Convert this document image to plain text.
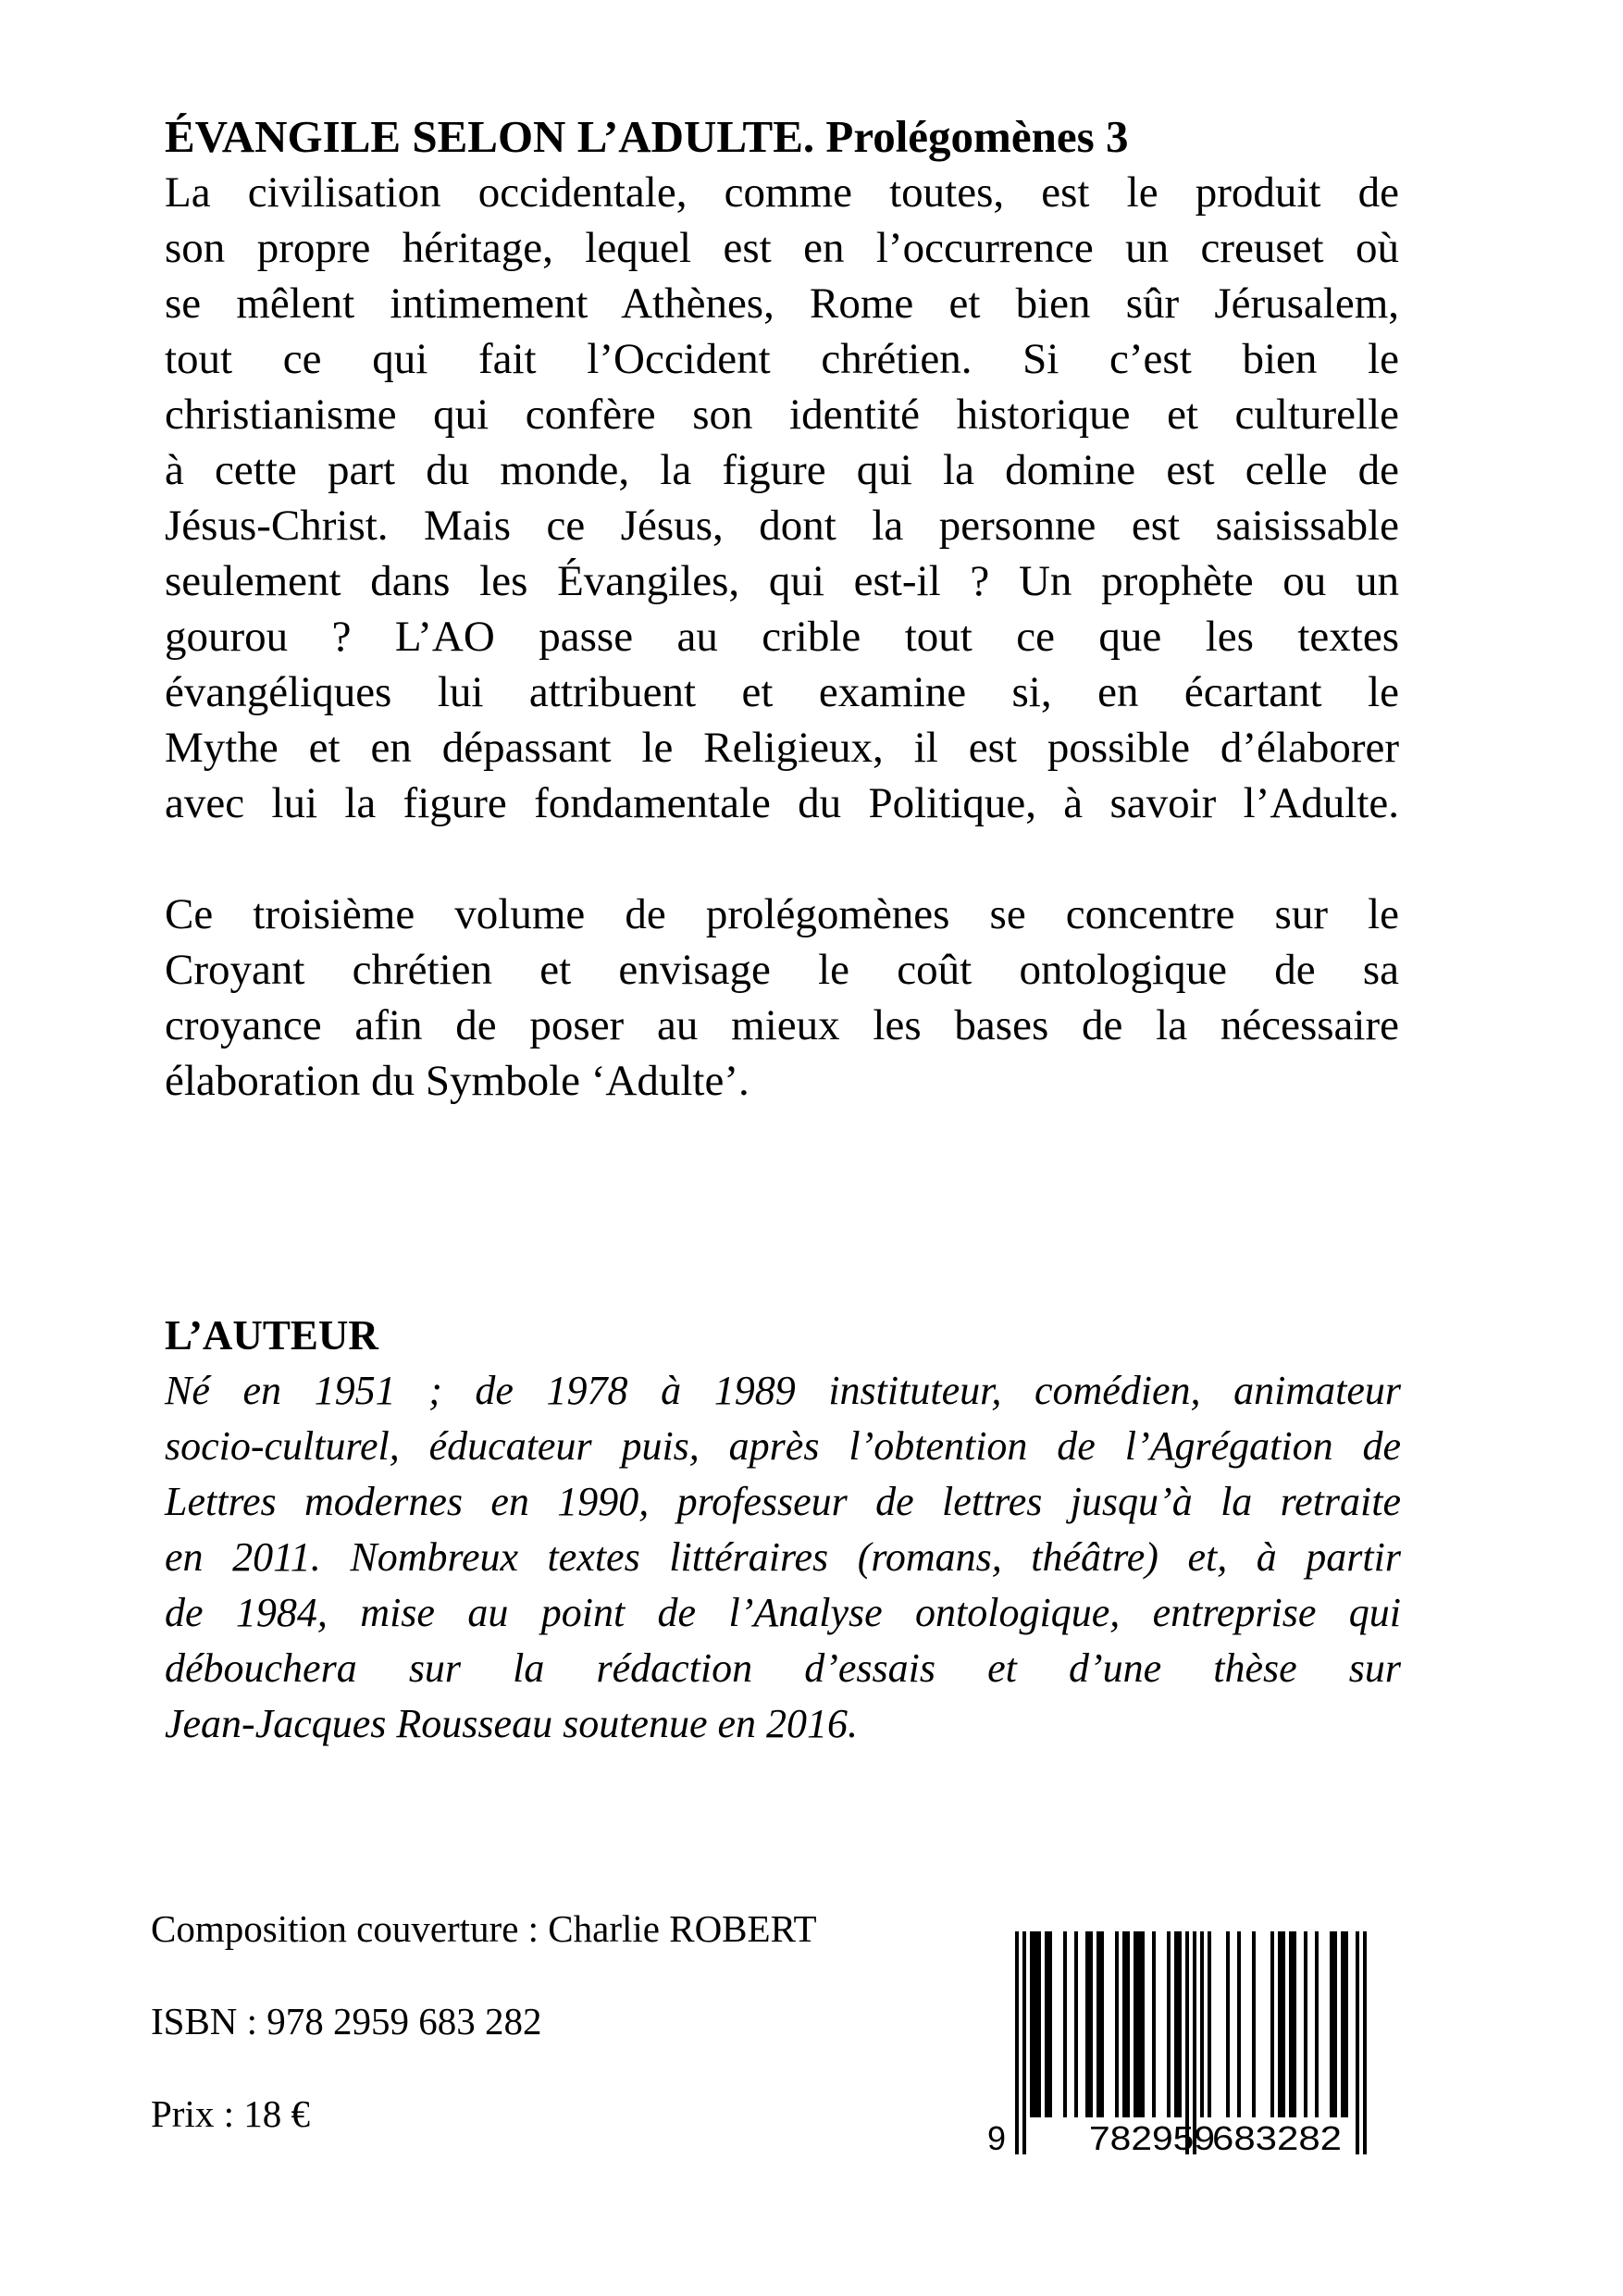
ÉVANGILE SELON L’ADULTE. Prolégomènes 3
La civilisation occidentale, comme toutes, est le produit de
son propre héritage, lequel est en l’occurrence un creuset où
se mêlent intimement Athènes, Rome et bien sûr Jérusalem,
tout ce qui fait l’Occident chrétien. Si c’est bien le
christianisme qui confère son identité historique et culturelle
à cette part du monde, la figure qui la domine est celle de
Jésus-Christ. Mais ce Jésus, dont la personne est saisissable
seulement dans les Évangiles, qui est-il ? Un prophète ou un
gourou ? L’AO passe au crible tout ce que les textes
évangéliques lui attribuent et examine si, en écartant le
Mythe et en dépassant le Religieux, il est possible d’élaborer
avec lui la figure fondamentale du Politique, à savoir l’Adulte.
Ce troisième volume de prolégomènes se concentre sur le
Croyant chrétien et envisage le coût ontologique de sa
croyance afin de poser au mieux les bases de la nécessaire
élaboration du Symbole ‘Adulte’.
L’AUTEUR
Né en 1951 ; de 1978 à 1989 instituteur, comédien, animateur
socio-culturel, éducateur puis, après l’obtention de l’Agrégation de
Lettres modernes en 1990, professeur de lettres jusqu’à la retraite
en 2011. Nombreux textes littéraires (romans, théâtre) et, à partir
de 1984, mise au point de l’Analyse ontologique, entreprise qui
débouchera sur la rédaction d’essais et d’une thèse sur
Jean-Jacques Rousseau soutenue en 2016.
Composition couverture : Charlie ROBERT
ISBN : 978 2959 683 282
Prix : 18 €
9 782959
683282
